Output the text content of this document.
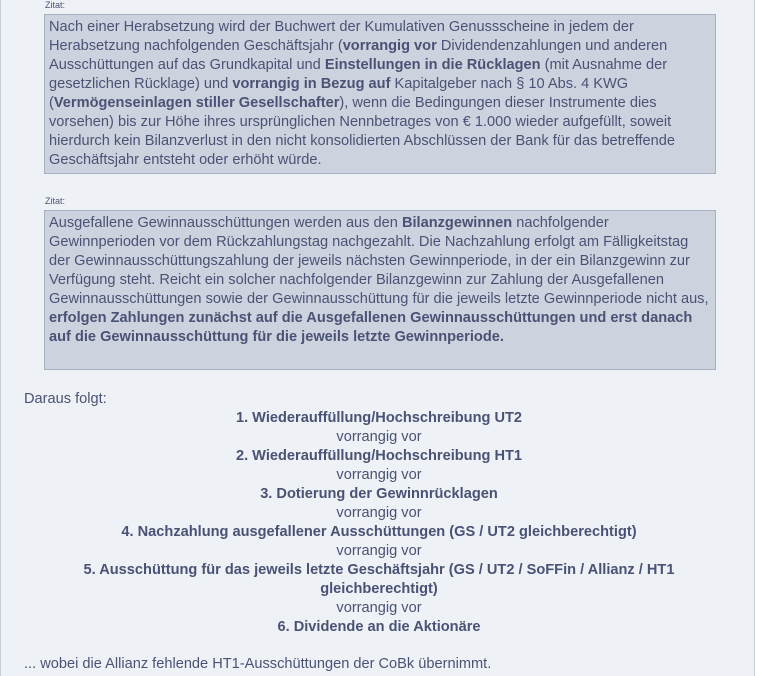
Zitat:
Nach einer Herabsetzung wird der Buchwert der Kumulativen Genussscheine in jedem der Herabsetzung nachfolgenden Geschäftsjahr (vorrangig vor Dividendenzahlungen und anderen Ausschüttungen auf das Grundkapital und Einstellungen in die Rücklagen (mit Ausnahme der gesetzlichen Rücklage) und vorrangig in Bezug auf Kapitalgeber nach § 10 Abs. 4 KWG (Vermögenseinlagen stiller Gesellschafter), wenn die Bedingungen dieser Instrumente dies vorsehen) bis zur Höhe ihres ursprünglichen Nennbetrages von € 1.000 wieder aufgefüllt, soweit hierdurch kein Bilanzverlust in den nicht konsolidierten Abschlüssen der Bank für das betreffende Geschäftsjahr entsteht oder erhöht würde.
Zitat:
Ausgefallene Gewinnausschüttungen werden aus den Bilanzgewinnen nachfolgender Gewinnperioden vor dem Rückzahlungstag nachgezahlt. Die Nachzahlung erfolgt am Fälligkeitstag der Gewinnausschüttungszahlung der jeweils nächsten Gewinnperiode, in der ein Bilanzgewinn zur Verfügung steht. Reicht ein solcher nachfolgender Bilanzgewinn zur Zahlung der Ausgefallenen Gewinnausschüttungen sowie der Gewinnausschüttung für die jeweils letzte Gewinnperiode nicht aus, erfolgen Zahlungen zunächst auf die Ausgefallenen Gewinnausschüttungen und erst danach auf die Gewinnausschüttung für die jeweils letzte Gewinnperiode.
Daraus folgt:
1. Wiederauffüllung/Hochschreibung UT2
vorrangig vor
2. Wiederauffüllung/Hochschreibung HT1
vorrangig vor
3. Dotierung der Gewinnrücklagen
vorrangig vor
4. Nachzahlung ausgefallener Ausschüttungen (GS / UT2 gleichberechtigt)
vorrangig vor
5. Ausschüttung für das jeweils letzte Geschäftsjahr (GS / UT2 / SoFFin / Allianz / HT1 gleichberechtigt)
vorrangig vor
6. Dividende an die Aktionäre
... wobei die Allianz fehlende HT1-Ausschüttungen der CoBk übernimmt.
